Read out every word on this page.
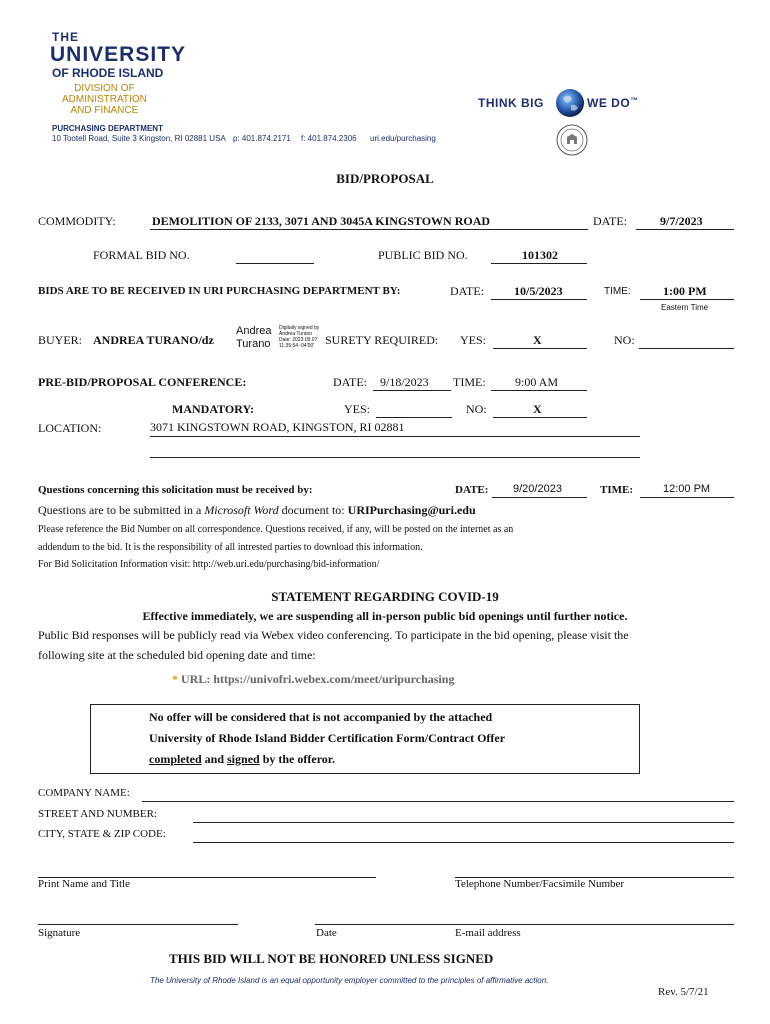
THE
UNIVERSITY
OF RHODE ISLAND
DIVISION OF
ADMINISTRATION
AND FINANCE
PURCHASING DEPARTMENT
10 Tootell Road, Suite 3 Kingston, RI 02881 USA p: 401.874.2171 f: 401.874.2306 uri.edu/purchasing
THINK BIG	WE DO™
BID/PROPOSAL
COMMODITY:	DEMOLITION OF 2133, 3071 AND 3045A KINGSTOWN ROAD	DATE:	9/7/2023
FORMAL BID NO.	PUBLIC BID NO.	101302
BIDS ARE TO BE RECEIVED IN URI PURCHASING DEPARTMENT BY:	DATE:	10/5/2023	TIME:	1:00 PM
Eastern Time
BUYER: ANDREA TURANO/dz
Andrea
Turano
Digitally signed by
Andrea Turano
Date: 2023.09.07
11:35:54 -04'00' SURETY REQUIRED: YES:	X	NO:
PRE-BID/PROPOSAL CONFERENCE:	DATE: 9/18/2023 TIME: 9:00 AM
MANDATORY:	YES:	NO:	X
LOCATION:	3071 KINGSTOWN ROAD, KINGSTON, RI 02881
Questions concerning this solicitation must be received by:	DATE: 9/20/2023	TIME:	12:00 PM
Questions are to be submitted in a Microsoft Word document to: URIPurchasing@uri.edu
Please reference the Bid Number on all correspondence. Questions received, if any, will be posted on the internet as an
addendum to the bid. It is the responsibility of all intrested parties to download this information.
For Bid Solicitation Information visit: http://web.uri.edu/purchasing/bid-information/
STATEMENT REGARDING COVID-19
Effective immediately, we are suspending all in-person public bid openings until further notice.
Public Bid responses will be publicly read via Webex video conferencing. To participate in the bid opening, please visit the
following site at the scheduled bid opening date and time:
* URL: https://univofri.webex.com/meet/uripurchasing
No offer will be considered that is not accompanied by the attached
University of Rhode Island Bidder Certification Form/Contract Offer
completed and signed by the offeror.
COMPANY NAME:
STREET AND NUMBER:
CITY, STATE & ZIP CODE:
Print Name and Title	Telephone Number/Facsimile Number
Signature	Date	E-mail address
THIS BID WILL NOT BE HONORED UNLESS SIGNED
The University of Rhode Island is an equal opportunity employer committed to the principles of affirmative action.
Rev. 5/7/21
